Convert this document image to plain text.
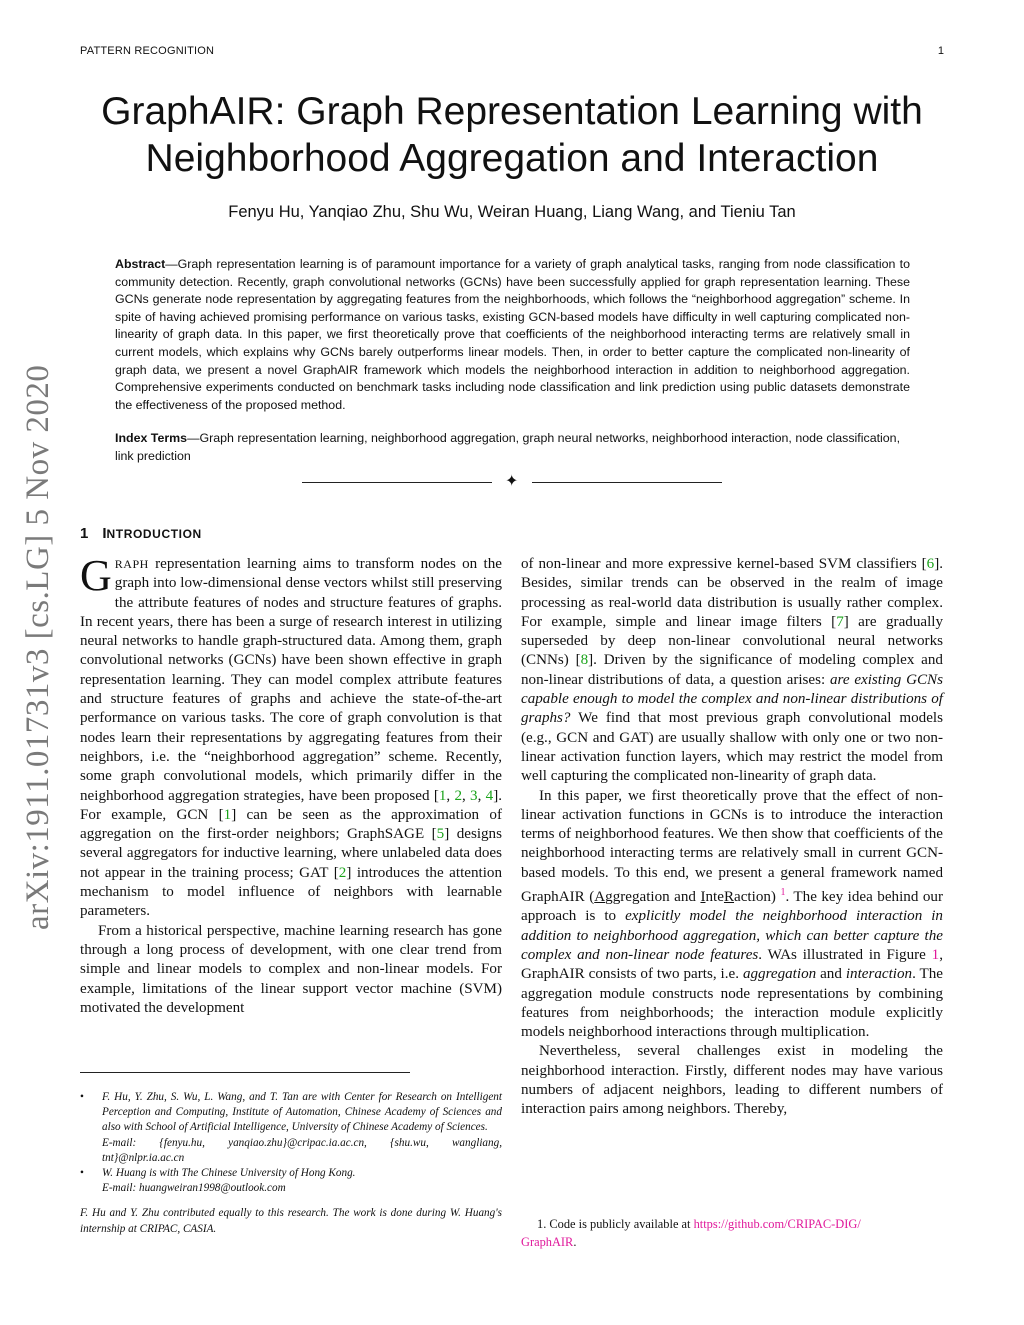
PATTERN RECOGNITION	1
GraphAIR: Graph Representation Learning with Neighborhood Aggregation and Interaction
Fenyu Hu, Yanqiao Zhu, Shu Wu, Weiran Huang, Liang Wang, and Tieniu Tan
Abstract—Graph representation learning is of paramount importance for a variety of graph analytical tasks, ranging from node classification to community detection. Recently, graph convolutional networks (GCNs) have been successfully applied for graph representation learning. These GCNs generate node representation by aggregating features from the neighborhoods, which follows the “neighborhood aggregation” scheme. In spite of having achieved promising performance on various tasks, existing GCN-based models have difficulty in well capturing complicated non-linearity of graph data. In this paper, we first theoretically prove that coefficients of the neighborhood interacting terms are relatively small in current models, which explains why GCNs barely outperforms linear models. Then, in order to better capture the complicated non-linearity of graph data, we present a novel GraphAIR framework which models the neighborhood interaction in addition to neighborhood aggregation. Comprehensive experiments conducted on benchmark tasks including node classification and link prediction using public datasets demonstrate the effectiveness of the proposed method.
Index Terms—Graph representation learning, neighborhood aggregation, graph neural networks, neighborhood interaction, node classification, link prediction
✦
arXiv:1911.01731v3 [cs.LG] 5 Nov 2020 1 INTRODUCTION

GRAPH representation learning aims to transform nodes on the graph into low-dimensional dense vectors whilst still preserving the attribute features of nodes and structure features of graphs. In recent years, there has been a surge of research interest in utilizing neural networks to handle graph-structured data. Among them, graph convolutional networks (GCNs) have been shown effective in graph representation learning. They can model complex attribute features and structure features of graphs and achieve the state-of-the-art performance on various tasks. The core of graph convolution is that nodes learn their representations by aggregating features from their neighbors, i.e. the “neighborhood aggregation” scheme. Recently, some graph convolutional models, which primarily differ in the neighborhood aggregation strategies, have been proposed [1, 2, 3, 4]. For example, GCN [1] can be seen as the approximation of aggregation on the first-order neighbors; GraphSAGE [5] designs several aggregators for inductive learning, where unlabeled data does not appear in the training process; GAT [2] introduces the attention mechanism to model influence of neighbors with learnable parameters.

From a historical perspective, machine learning research has gone through a long process of development, with one clear trend from simple and linear models to complex and non-linear models. For example, limitations of the linear support vector machine (SVM) motivated the development

of non-linear and more expressive kernel-based SVM classifiers [6]. Besides, similar trends can be observed in the realm of image processing as real-world data distribution is usually rather complex. For example, simple and linear image filters [7] are gradually superseded by deep non-linear convolutional neural networks (CNNs) [8]. Driven by the significance of modeling complex and non-linear distributions of data, a question arises: are existing GCNs capable enough to model the complex and non-linear distributions of graphs? We find that most previous graph convolutional models (e.g., GCN and GAT) are usually shallow with only one or two non-linear activation function layers, which may restrict the model from well capturing the complicated non-linearity of graph data.

In this paper, we first theoretically prove that the effect of non-linear activation functions in GCNs is to introduce the interaction terms of neighborhood features. We then show that coefficients of the neighborhood interacting terms are relatively small in current GCN-based models. To this end, we present a general framework named GraphAIR (Aggregation and InteRaction) $^1$. The key idea behind our approach is to explicitly model the neighborhood interaction in addition to neighborhood aggregation, which can better capture the complex and non-linear node features. WAs illustrated in Figure 1, GraphAIR consists of two parts, i.e. aggregation and interaction. The aggregation module constructs node representations by combining features from neighborhoods; the interaction module explicitly models neighborhood interactions through multiplication.

Nevertheless, several challenges exist in modeling the neighborhood interaction. Firstly, different nodes may have various numbers of adjacent neighbors, leading to different numbers of interaction pairs among neighbors. Thereby,

• F. Hu, Y. Zhu, S. Wu, L. Wang, and T. Tan are with Center for Research on Intelligent Perception and Computing, Institute of Automation, Chinese Academy of Sciences and also with School of Artificial Intelligence, University of Chinese Academy of Sciences.
E-mail: {fenyu.hu, yanqiao.zhu}@cripac.ia.ac.cn, {shu.wu, wangliang, tnt}@nlpr.ia.ac.cn
• W. Huang is with The Chinese University of Hong Kong.
E-mail: huangweiran1998@outlook.com
F. Hu and Y. Zhu contributed equally to this research. The work is done during W. Huang's internship at CRIPAC, CASIA.	1. Code is publicly available at https://github.com/CRIPAC-DIG/
GraphAIR.
